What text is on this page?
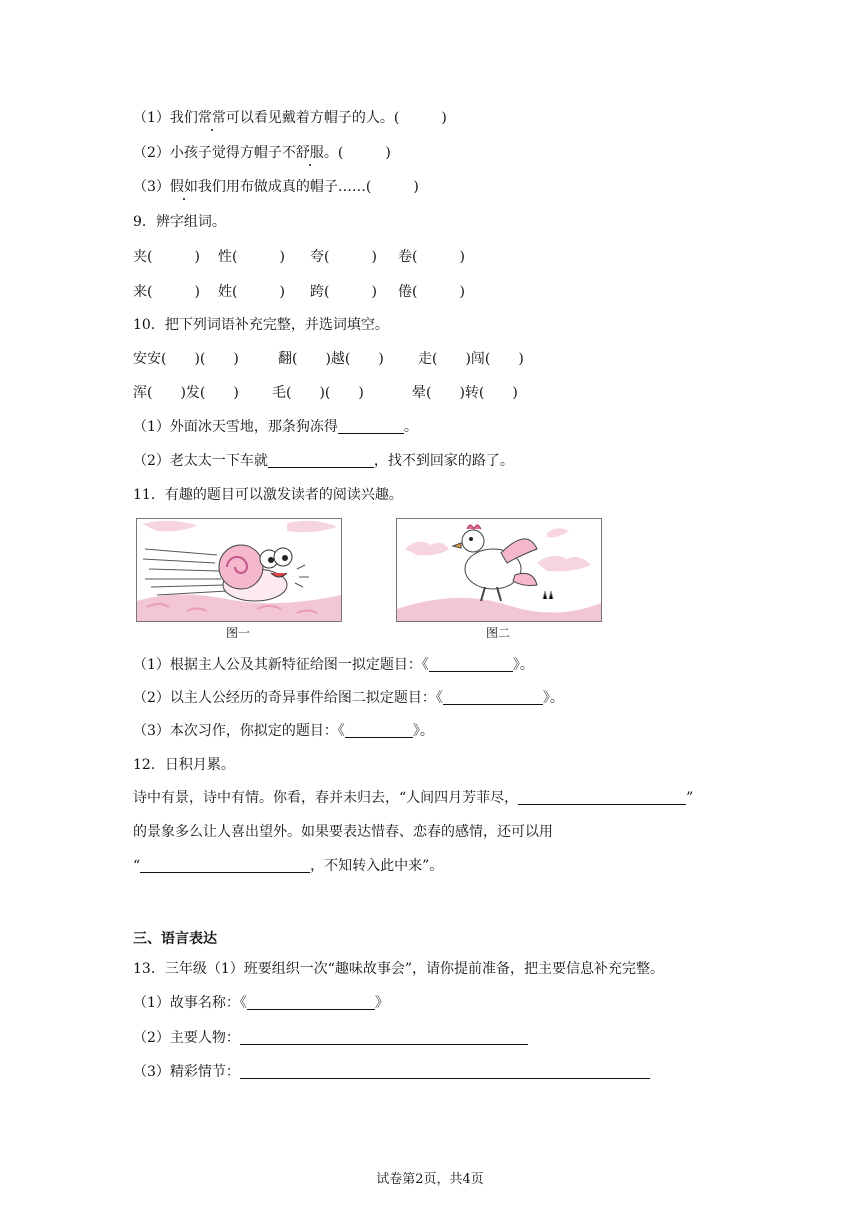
（1）我们常常可以看见戴着方帽子的人。(　　　)
（2）小孩子觉得方帽子不舒服。(　　　)
（3）假如我们用布做成真的帽子……(　　　)
9．辨字组词。
夹(　　　) 性(　　　) 夸(　　　) 卷(　　　)
来(　　　) 姓(　　　) 跨(　　　) 倦(　　　)
10．把下列词语补充完整，并选词填空。
安安(　　)(　　)	翻(　　)越(　　) 走(　　)闯(　　)
浑(　　)发(　　) 毛(　　)(　　)	晕(　　)转(　　)
（1）外面冰天雪地，那条狗冻得	。
（2）老太太一下车就	，找不到回家的路了。
11．有趣的题目可以激发读者的阅读兴趣。
图一	图二
（1）根据主人公及其新特征给图一拟定题目：《	》。
（2）以主人公经历的奇异事件给图二拟定题目：《	》。
（3）本次习作，你拟定的题目：《	》。
12．日积月累。
诗中有景，诗中有情。你看，春并未归去，“人间四月芳菲尽，	”
的景象多么让人喜出望外。如果要表达惜春、恋春的感情，还可以用
“	，不知转入此中来”。
三、语言表达
13．三年级（1）班要组织一次“趣味故事会”，请你提前准备，把主要信息补充完整。
（1）故事名称：《	》
（2）主要人物：
（3）精彩情节：
试卷第2页，共4页
